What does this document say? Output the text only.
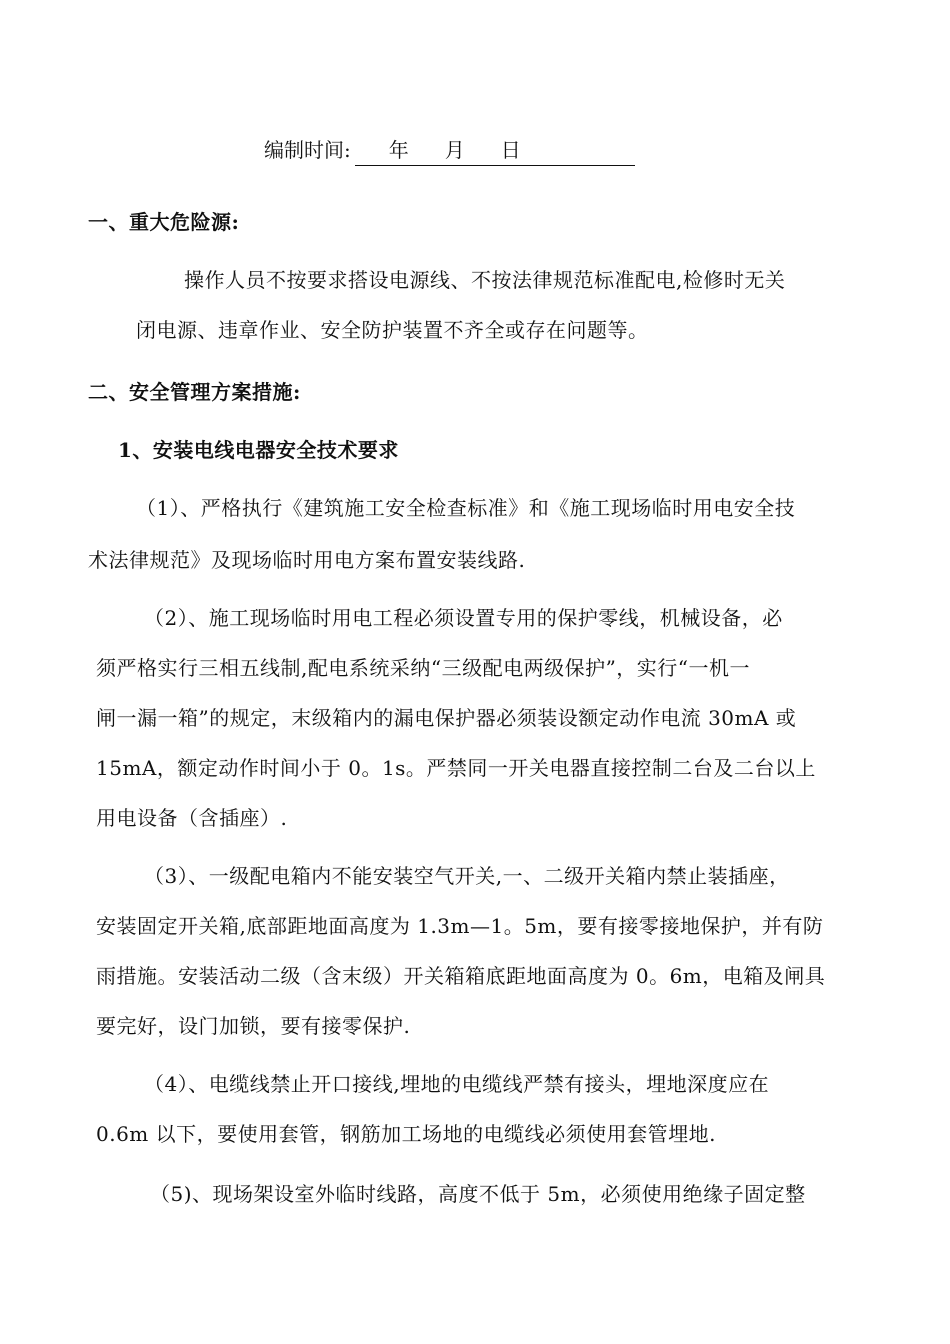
编制时间: 年 月 日
一、重大危险源:
操作人员不按要求搭设电源线、不按法律规范标准配电,检修时无关
闭电源、违章作业、安全防护装置不齐全或存在问题等。
二、安全管理方案措施:
1、安装电线电器安全技术要求
（1）、严格执行《建筑施工安全检查标准》和《施工现场临时用电安全技
术法律规范》及现场临时用电方案布置安装线路.
（2）、施工现场临时用电工程必须设置专用的保护零线，机械设备，必
须严格实行三相五线制,配电系统采纳“三级配电两级保护”，实行“一机一
闸一漏一箱”的规定，末级箱内的漏电保护器必须装设额定动作电流 30mA 或
15mA，额定动作时间小于 0。1s。严禁同一开关电器直接控制二台及二台以上
用电设备（含插座）.
（3）、一级配电箱内不能安装空气开关,一、二级开关箱内禁止装插座，
安装固定开关箱,底部距地面高度为 1.3m—1。5m，要有接零接地保护，并有防
雨措施。安装活动二级（含末级）开关箱箱底距地面高度为 0。6m，电箱及闸具
要完好，设门加锁，要有接零保护.
（4）、电缆线禁止开口接线,埋地的电缆线严禁有接头，埋地深度应在
0.6m 以下，要使用套管，钢筋加工场地的电缆线必须使用套管埋地.
（5)、现场架设室外临时线路，高度不低于 5m，必须使用绝缘子固定整
